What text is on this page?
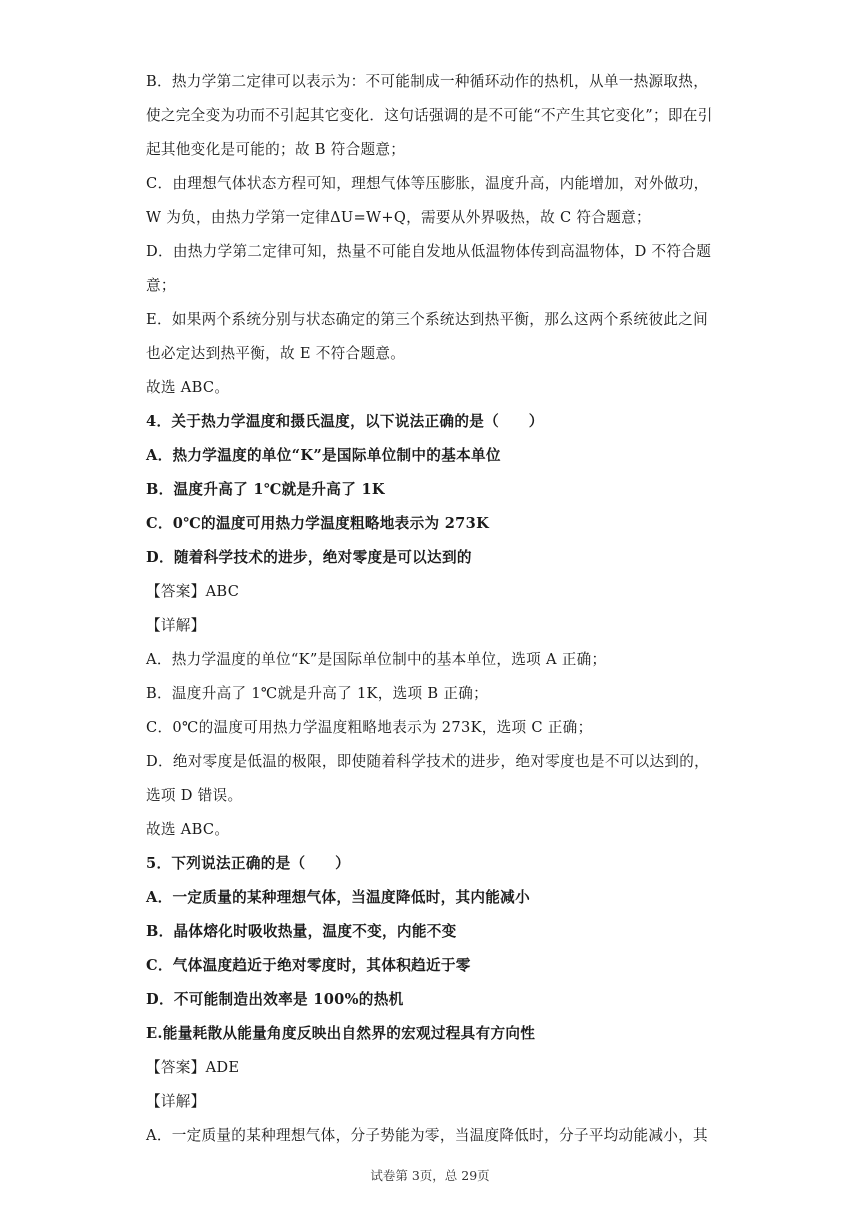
B．热力学第二定律可以表示为：不可能制成一种循环动作的热机，从单一热源取热，
使之完全变为功而不引起其它变化．这句话强调的是不可能“不产生其它变化”；即在引
起其他变化是可能的；故 B 符合题意；
C．由理想气体状态方程可知，理想气体等压膨胀，温度升高，内能增加，对外做功，
W 为负，由热力学第一定律ΔU=W+Q，需要从外界吸热，故 C 符合题意；
D．由热力学第二定律可知，热量不可能自发地从低温物体传到高温物体，D 不符合题
意；
E．如果两个系统分别与状态确定的第三个系统达到热平衡，那么这两个系统彼此之间
也必定达到热平衡，故 E 不符合题意。
故选 ABC。
4．关于热力学温度和摄氏温度，以下说法正确的是（　　）
A．热力学温度的单位“K”是国际单位制中的基本单位
B．温度升高了 1℃就是升高了 1K
C．0℃的温度可用热力学温度粗略地表示为 273K
D．随着科学技术的进步，绝对零度是可以达到的
【答案】ABC
【详解】
A．热力学温度的单位“K”是国际单位制中的基本单位，选项 A 正确；
B．温度升高了 1℃就是升高了 1K，选项 B 正确；
C．0℃的温度可用热力学温度粗略地表示为 273K，选项 C 正确；
D．绝对零度是低温的极限，即使随着科学技术的进步，绝对零度也是不可以达到的，
选项 D 错误。
故选 ABC。
5．下列说法正确的是（　　）
A．一定质量的某种理想气体，当温度降低时，其内能减小
B．晶体熔化时吸收热量，温度不变，内能不变
C．气体温度趋近于绝对零度时，其体积趋近于零
D．不可能制造出效率是 100%的热机
E.能量耗散从能量角度反映出自然界的宏观过程具有方向性
【答案】ADE
【详解】
A．一定质量的某种理想气体，分子势能为零，当温度降低时，分子平均动能减小，其
试卷第 3页，总 29页
